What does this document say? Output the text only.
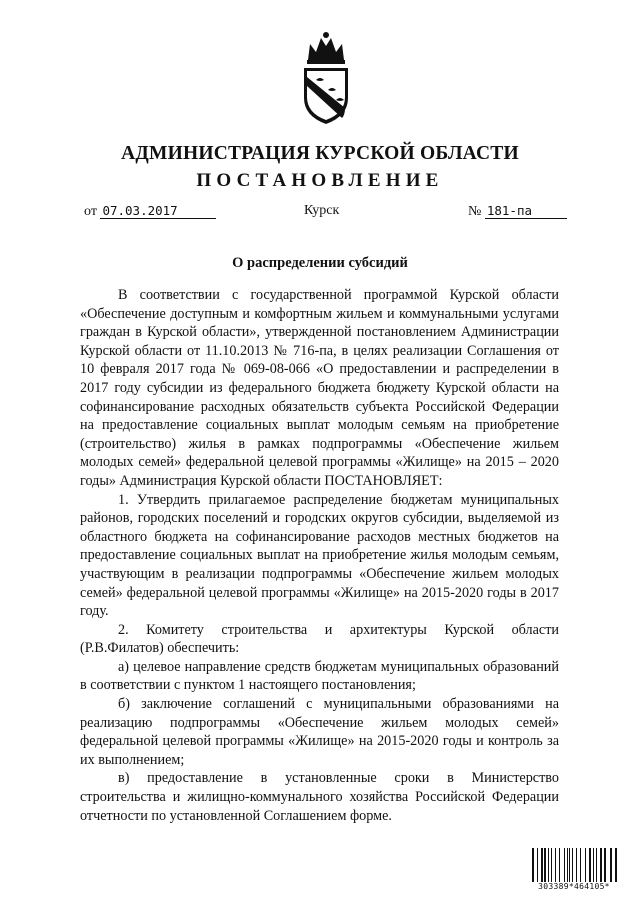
АДМИНИСТРАЦИЯ КУРСКОЙ ОБЛАСТИ
ПОСТАНОВЛЕНИЕ
от 07.03.2017	Курск	№ 181-па
О распределении субсидий

В соответствии с государственной программой Курской области «Обеспечение доступным и комфортным жильем и коммунальными услугами граждан в Курской области», утвержденной постановлением Администрации Курской области от 11.10.2013 № 716-па, в целях реализации Соглашения от 10 февраля 2017 года № 069-08-066 «О предоставлении и распределении в 2017 году субсидии из федерального бюджета бюджету Курской области на софинансирование расходных обязательств субъекта Российской Федерации на предоставление социальных выплат молодым семьям на приобретение (строительство) жилья в рамках подпрограммы «Обеспечение жильем молодых семей» федеральной целевой программы «Жилище» на 2015 – 2020 годы» Администрация Курской области ПОСТАНОВЛЯЕТ:

1. Утвердить прилагаемое распределение бюджетам муниципальных районов, городских поселений и городских округов субсидии, выделяемой из областного бюджета на софинансирование расходов местных бюджетов на предоставление социальных выплат на приобретение жилья молодым семьям, участвующим в реализации подпрограммы «Обеспечение жильем молодых семей» федеральной целевой программы «Жилище» на 2015-2020 годы в 2017 году.

2. Комитету строительства и архитектуры Курской области (Р.В.Филатов) обеспечить:

а) целевое направление средств бюджетам муниципальных образований в соответствии с пунктом 1 настоящего постановления;

б) заключение соглашений с муниципальными образованиями на реализацию подпрограммы «Обеспечение жильем молодых семей» федеральной целевой программы «Жилище» на 2015-2020 годы и контроль за их выполнением;

в) предоставление в установленные сроки в Министерство строительства и жилищно-коммунального хозяйства Российской Федерации отчетности по установленной Соглашением форме.

303389*464105*
